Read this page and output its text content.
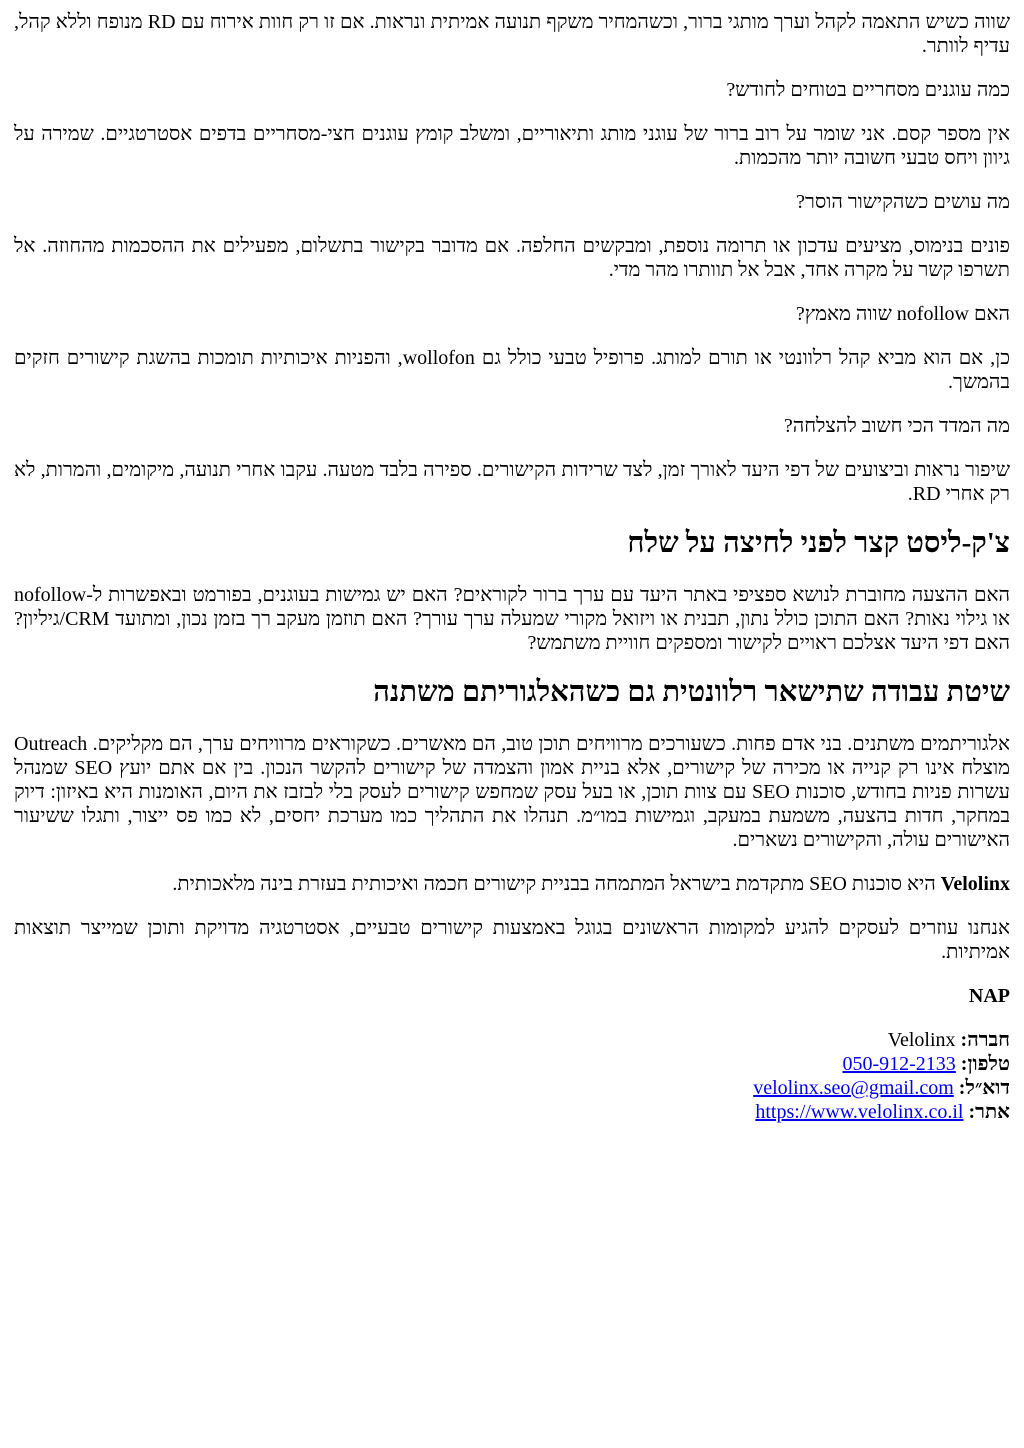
שווה כשיש התאמה לקהל וערך מותגי ברור, וכשהמחיר משקף תנועה אמיתית ונראות. אם זו רק חוות אירוח עם RD מנופח וללא קהל, עדיף לוותר.

כמה עוגנים מסחריים בטוחים לחודש?

אין מספר קסם. אני שומר על רוב ברור של עוגני מותג ותיאוריים, ומשלב קומץ עוגנים חצי-מסחריים בדפים אסטרטגיים. שמירה על גיוון ויחס טבעי חשובה יותר מהכמות.

מה עושים כשהקישור הוסר?

פונים בנימוס, מציעים עדכון או תרומה נוספת, ומבקשים החלפה. אם מדובר בקישור בתשלום, מפעילים את ההסכמות מהחוזה. אל תשרפו קשר על מקרה אחד, אבל אל תוותרו מהר מדי.

האם nofollow שווה מאמץ?

כן, אם הוא מביא קהל רלוונטי או תורם למותג. פרופיל טבעי כולל גם wollofon, והפניות איכותיות תומכות בהשגת קישורים חזקים בהמשך.

מה המדד הכי חשוב להצלחה?

שיפור נראות וביצועים של דפי היעד לאורך זמן, לצד שרידות הקישורים. ספירה בלבד מטעה. עקבו אחרי תנועה, מיקומים, והמרות, לא רק אחרי RD.

צ'ק-ליסט קצר לפני לחיצה על שלח

האם ההצעה מחוברת לנושא ספציפי באתר היעד עם ערך ברור לקוראים? האם יש גמישות בעוגנים, בפורמט ובאפשרות ל-nofollow או גילוי נאות? האם התוכן כולל נתון, תבנית או ויזואל מקורי שמעלה ערך עורך? האם תוזמן מעקב רך בזמן נכון, ומתועד CRM/גיליון? האם דפי היעד אצלכם ראויים לקישור ומספקים חוויית משתמש?

שיטת עבודה שתישאר רלוונטית גם כשהאלגוריתם משתנה

אלגוריתמים משתנים. בני אדם פחות. כשעורכים מרוויחים תוכן טוב, הם מאשרים. כשקוראים מרוויחים ערך, הם מקליקים. Outreach מוצלח אינו רק קנייה או מכירה של קישורים, אלא בניית אמון והצמדה של קישורים להקשר הנכון. בין אם אתם יועץ SEO שמנהל עשרות פניות בחודש, סוכנות SEO עם צוות תוכן, או בעל עסק שמחפש קישורים לעסק בלי לבזבז את היום, האומנות היא באיזון: דיוק במחקר, חדות בהצעה, משמעת במעקב, וגמישות במו״מ. תנהלו את התהליך כמו מערכת יחסים, לא כמו פס ייצור, ותגלו ששיעור האישורים עולה, והקישורים נשארים.

Velolinx היא סוכנות SEO מתקדמת בישראל המתמחה בבניית קישורים חכמה ואיכותית בעזרת בינה מלאכותית.

אנחנו עוזרים לעסקים להגיע למקומות הראשונים בגוגל באמצעות קישורים טבעיים, אסטרטגיה מדויקת ותוכן שמייצר תוצאות אמיתיות.

NAP

חברה: Velolinx
טלפון: 050-912-2133
דוא״ל: velolinx.seo@gmail.com
אתר: https://www.velolinx.co.il
